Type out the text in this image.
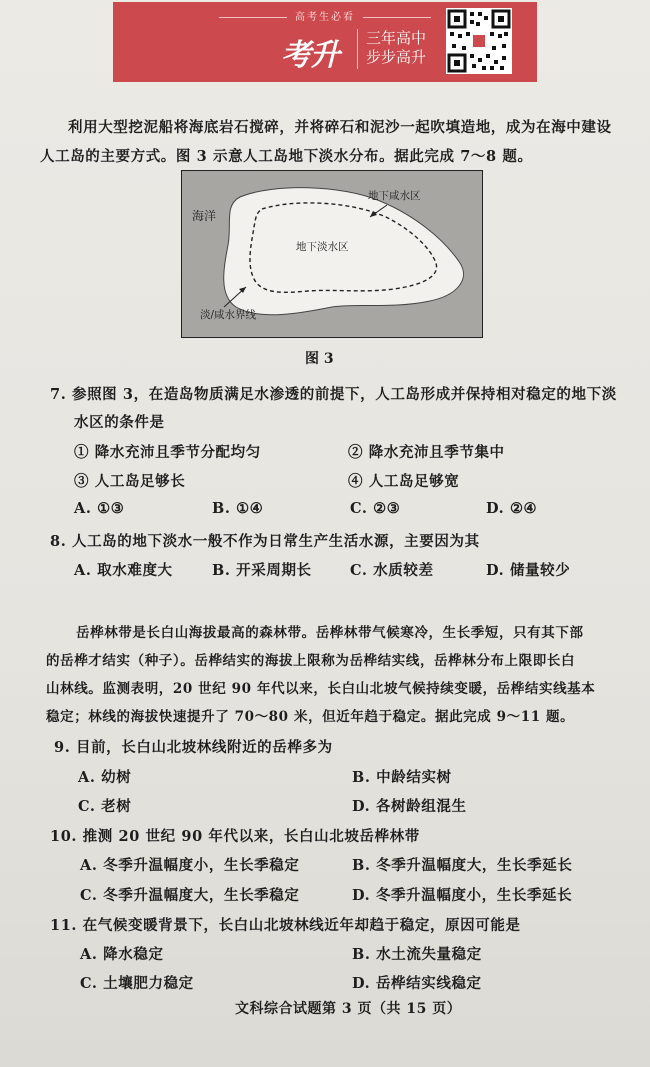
高考生必看
考升 三年高中
步步高升
利用大型挖泥船将海底岩石搅碎，并将碎石和泥沙一起吹填造地，成为在海中建设
人工岛的主要方式。图 3 示意人工岛地下淡水分布。据此完成 7～8 题。
海洋
地下咸水区
地下淡水区
淡/咸水界线
图 3
7. 参照图 3，在造岛物质满足水渗透的前提下，人工岛形成并保持相对稳定的地下淡
水区的条件是
① 降水充沛且季节分配均匀	② 降水充沛且季节集中
③ 人工岛足够长	④ 人工岛足够宽
A. ①③	B. ①④	C. ②③	D. ②④
8. 人工岛的地下淡水一般不作为日常生产生活水源，主要因为其
A. 取水难度大	B. 开采周期长	C. 水质较差	D. 储量较少
岳桦林带是长白山海拔最高的森林带。岳桦林带气候寒冷，生长季短，只有其下部
的岳桦才结实（种子）。岳桦结实的海拔上限称为岳桦结实线，岳桦林分布上限即长白
山林线。监测表明，20 世纪 90 年代以来，长白山北坡气候持续变暖，岳桦结实线基本
稳定；林线的海拔快速提升了 70～80 米，但近年趋于稳定。据此完成 9～11 题。
9. 目前，长白山北坡林线附近的岳桦多为
A. 幼树	B. 中龄结实树
C. 老树	D. 各树龄组混生
10. 推测 20 世纪 90 年代以来，长白山北坡岳桦林带
A. 冬季升温幅度小，生长季稳定	B. 冬季升温幅度大，生长季延长
C. 冬季升温幅度大，生长季稳定	D. 冬季升温幅度小，生长季延长
11. 在气候变暖背景下，长白山北坡林线近年却趋于稳定，原因可能是
A. 降水稳定	B. 水土流失量稳定
C. 土壤肥力稳定	D. 岳桦结实线稳定
文科综合试题第 3 页（共 15 页）
